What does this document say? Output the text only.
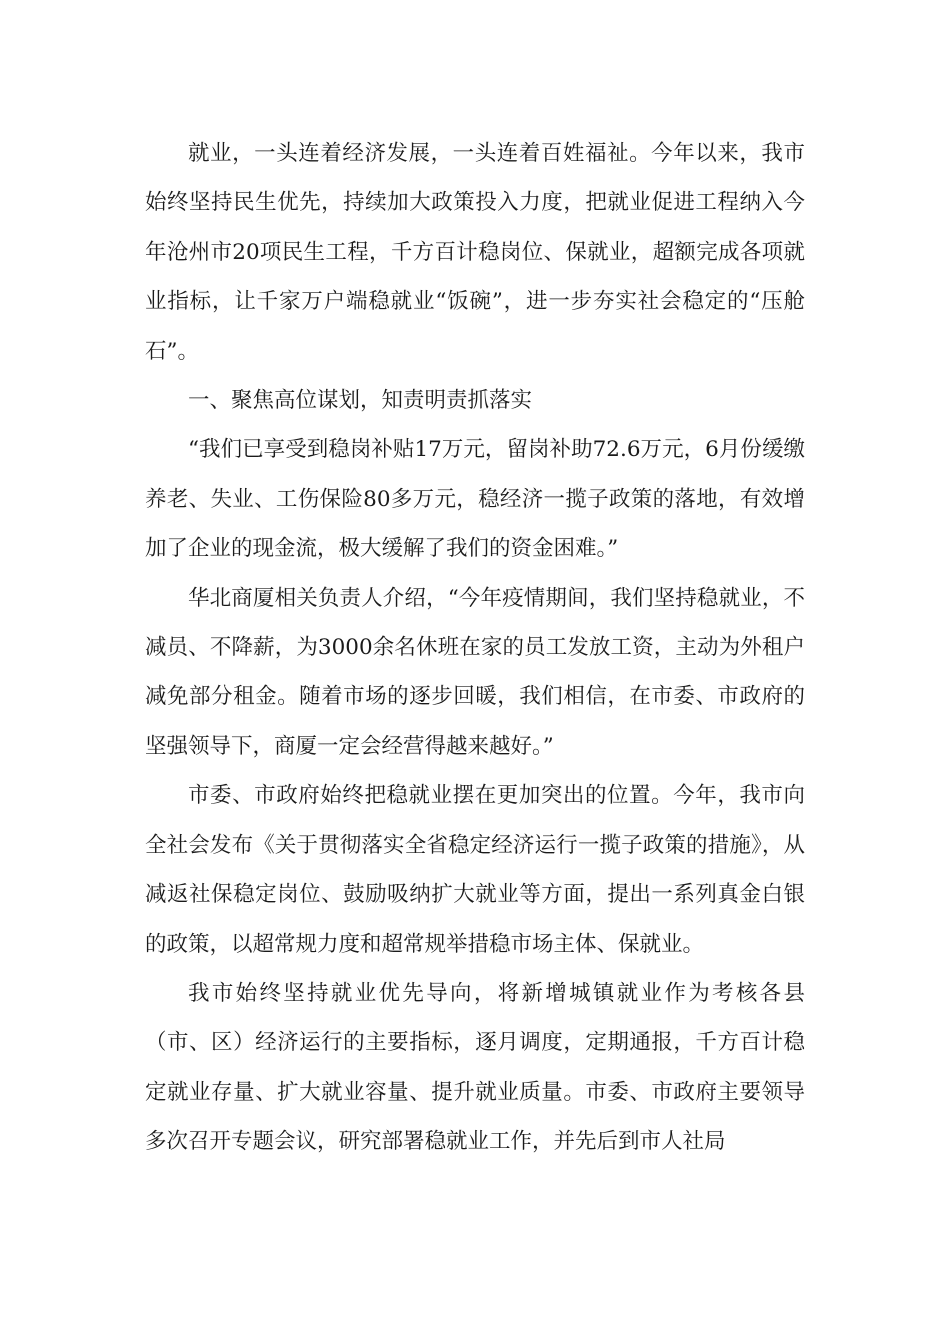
就业，一头连着经济发展，一头连着百姓福祉。今年以来，我市始终坚持民生优先，持续加大政策投入力度，把就业促进工程纳入今年沧州市20项民生工程，千方百计稳岗位、保就业，超额完成各项就业指标，让千家万户端稳就业“饭碗”，进一步夯实社会稳定的“压舱石”。

一、聚焦高位谋划，知责明责抓落实

“我们已享受到稳岗补贴17万元，留岗补助72.6万元，6月份缓缴养老、失业、工伤保险80多万元，稳经济一揽子政策的落地，有效增加了企业的现金流，极大缓解了我们的资金困难。”

华北商厦相关负责人介绍，“今年疫情期间，我们坚持稳就业，不减员、不降薪，为3000余名休班在家的员工发放工资，主动为外租户减免部分租金。随着市场的逐步回暖，我们相信，在市委、市政府的坚强领导下，商厦一定会经营得越来越好。”

市委、市政府始终把稳就业摆在更加突出的位置。今年，我市向全社会发布《关于贯彻落实全省稳定经济运行一揽子政策的措施》，从减返社保稳定岗位、鼓励吸纳扩大就业等方面，提出一系列真金白银的政策，以超常规力度和超常规举措稳市场主体、保就业。

我市始终坚持就业优先导向，将新增城镇就业作为考核各县（市、区）经济运行的主要指标，逐月调度，定期通报，千方百计稳定就业存量、扩大就业容量、提升就业质量。市委、市政府主要领导多次召开专题会议，研究部署稳就业工作，并先后到市人社局
